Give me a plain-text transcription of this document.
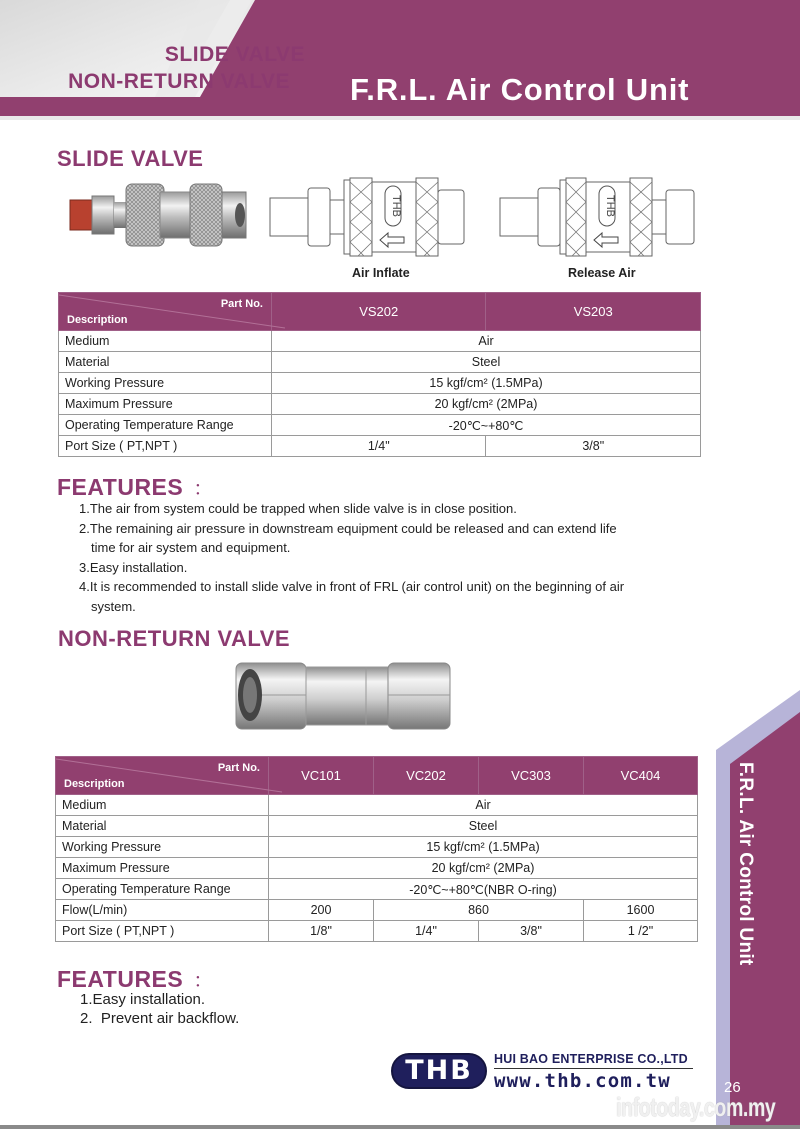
SLIDE VALVE
NON-RETURN VALVE F.R.L. Air Control Unit
SLIDE VALVE
THB
Air Inflate
THB
Release Air
Part No.
Description	VS202	VS203
Medium	Air	
Material	Steel	
Working Pressure	15 kgf/cm² (1.5MPa)	
Maximum Pressure	20 kgf/cm² (2MPa)	
Operating Temperature Range	-20℃~+80℃	
Port Size ( PT,NPT )	1/4"	3/8"
FEATURES ：
1.The air from system could be trapped when slide valve is in close position.
2.The remaining air pressure in downstream equipment could be released and can extend life
time for air system and equipment.
3.Easy installation.
4.It is recommended to install slide valve in front of FRL (air control unit) on the beginning of air
system.
NON-RETURN VALVE
Part No.
Description	VC101	VC202	VC303	VC404
Medium	Air			
Material	Steel			
Working Pressure	15 kgf/cm² (1.5MPa)			
Maximum Pressure	20 kgf/cm² (2MPa)			
Operating Temperature Range	-20℃~+80℃(NBR O-ring)			
Flow(L/min)	200	860		1600
Port Size ( PT,NPT )	1/8"	1/4"	3/8"	1 /2"
FEATURES ：
1.Easy installation.
2.  Prevent air backflow.
F.R.L. Air Control Unit
26
THB	HUI BAO ENTERPRISE CO.,LTD
www.thb.com.tw
infotoday.com.my
